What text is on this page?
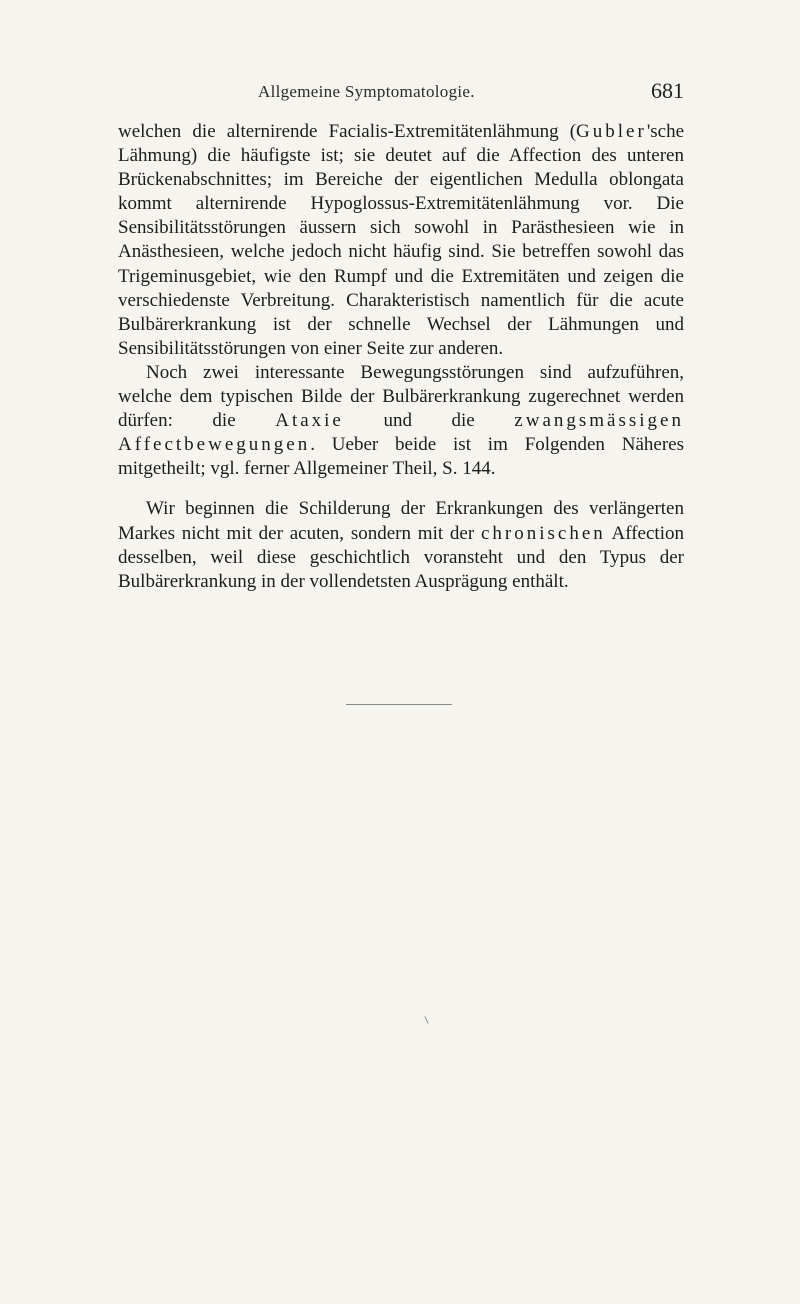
Allgemeine Symptomatologie.	681

welchen die alternirende Facialis-Extremitätenlähmung (Gubler'sche Lähmung) die häufigste ist; sie deutet auf die Affection des unteren Brückenabschnittes; im Bereiche der eigentlichen Medulla oblongata kommt alternirende Hypoglossus-Extremitätenlähmung vor. Die Sensibilitätsstörungen äussern sich sowohl in Parästhesieen wie in Anästhesieen, welche jedoch nicht häufig sind. Sie betreffen sowohl das Trigeminusgebiet, wie den Rumpf und die Extremitäten und zeigen die verschiedenste Verbreitung. Charakteristisch namentlich für die acute Bulbärerkrankung ist der schnelle Wechsel der Lähmungen und Sensibilitätsstörungen von einer Seite zur anderen.

Noch zwei interessante Bewegungsstörungen sind aufzuführen, welche dem typischen Bilde der Bulbärerkrankung zugerechnet werden dürfen: die Ataxie und die zwangsmässigen Affectbewegungen. Ueber beide ist im Folgenden Näheres mitgetheilt; vgl. ferner Allgemeiner Theil, S. 144.

Wir beginnen die Schilderung der Erkrankungen des verlängerten Markes nicht mit der acuten, sondern mit der chronischen Affection desselben, weil diese geschichtlich voransteht und den Typus der Bulbärerkrankung in der vollendetsten Ausprägung enthält.
